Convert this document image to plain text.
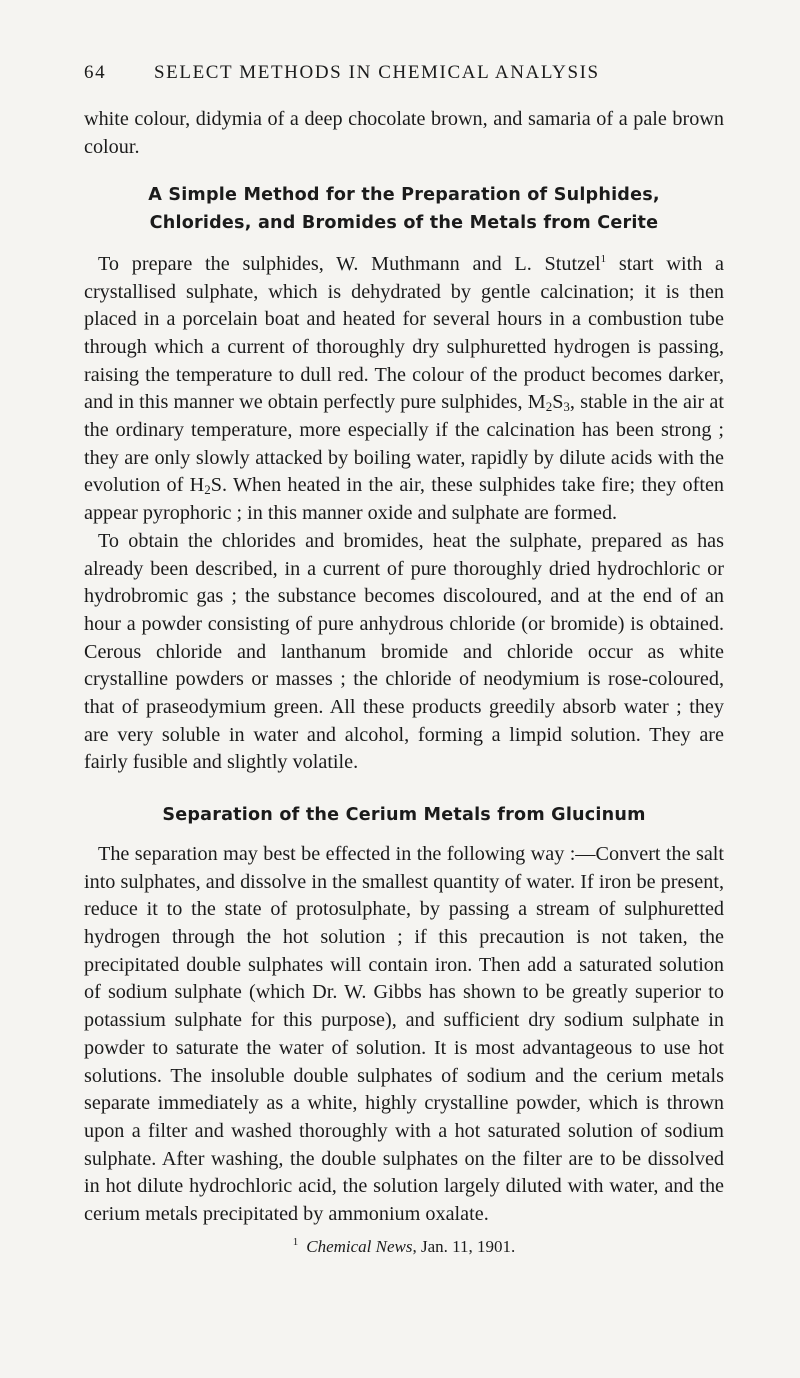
64	SELECT METHODS IN CHEMICAL ANALYSIS

white colour, didymia of a deep chocolate brown, and samaria of a pale brown colour.

A Simple Method for the Preparation of Sulphides,
Chlorides, and Bromides of the Metals from Cerite

To prepare the sulphides, W. Muthmann and L. Stutzel$^1$ start with a crystallised sulphate, which is dehydrated by gentle calcination; it is then placed in a porcelain boat and heated for several hours in a combustion tube through which a current of thoroughly dry sulphuretted hydrogen is passing, raising the temperature to dull red. The colour of the product becomes darker, and in this manner we obtain perfectly pure sulphides, $M_2S_3$, stable in the air at the ordinary temperature, more especially if the calcination has been strong ; they are only slowly attacked by boiling water, rapidly by dilute acids with the evolution of $H_2S$. When heated in the air, these sulphides take fire; they often appear pyrophoric ; in this manner oxide and sulphate are formed.

To obtain the chlorides and bromides, heat the sulphate, prepared as has already been described, in a current of pure thoroughly dried hydrochloric or hydrobromic gas ; the substance becomes discoloured, and at the end of an hour a powder consisting of pure anhydrous chloride (or bromide) is obtained. Cerous chloride and lanthanum bromide and chloride occur as white crystalline powders or masses ; the chloride of neodymium is rose-coloured, that of praseodymium green. All these products greedily absorb water ; they are very soluble in water and alcohol, forming a limpid solution. They are fairly fusible and slightly volatile.

Separation of the Cerium Metals from Glucinum

The separation may best be effected in the following way :—Convert the salt into sulphates, and dissolve in the smallest quantity of water. If iron be present, reduce it to the state of protosulphate, by passing a stream of sulphuretted hydrogen through the hot solution ; if this precaution is not taken, the precipitated double sulphates will contain iron. Then add a saturated solution of sodium sulphate (which Dr. W. Gibbs has shown to be greatly superior to potassium sulphate for this purpose), and sufficient dry sodium sulphate in powder to saturate the water of solution. It is most advantageous to use hot solutions. The insoluble double sulphates of sodium and the cerium metals separate immediately as a white, highly crystalline powder, which is thrown upon a filter and washed thoroughly with a hot saturated solution of sodium sulphate. After washing, the double sulphates on the filter are to be dissolved in hot dilute hydrochloric acid, the solution largely diluted with water, and the cerium metals precipitated by ammonium oxalate.

$^1$ Chemical News, Jan. 11, 1901.
